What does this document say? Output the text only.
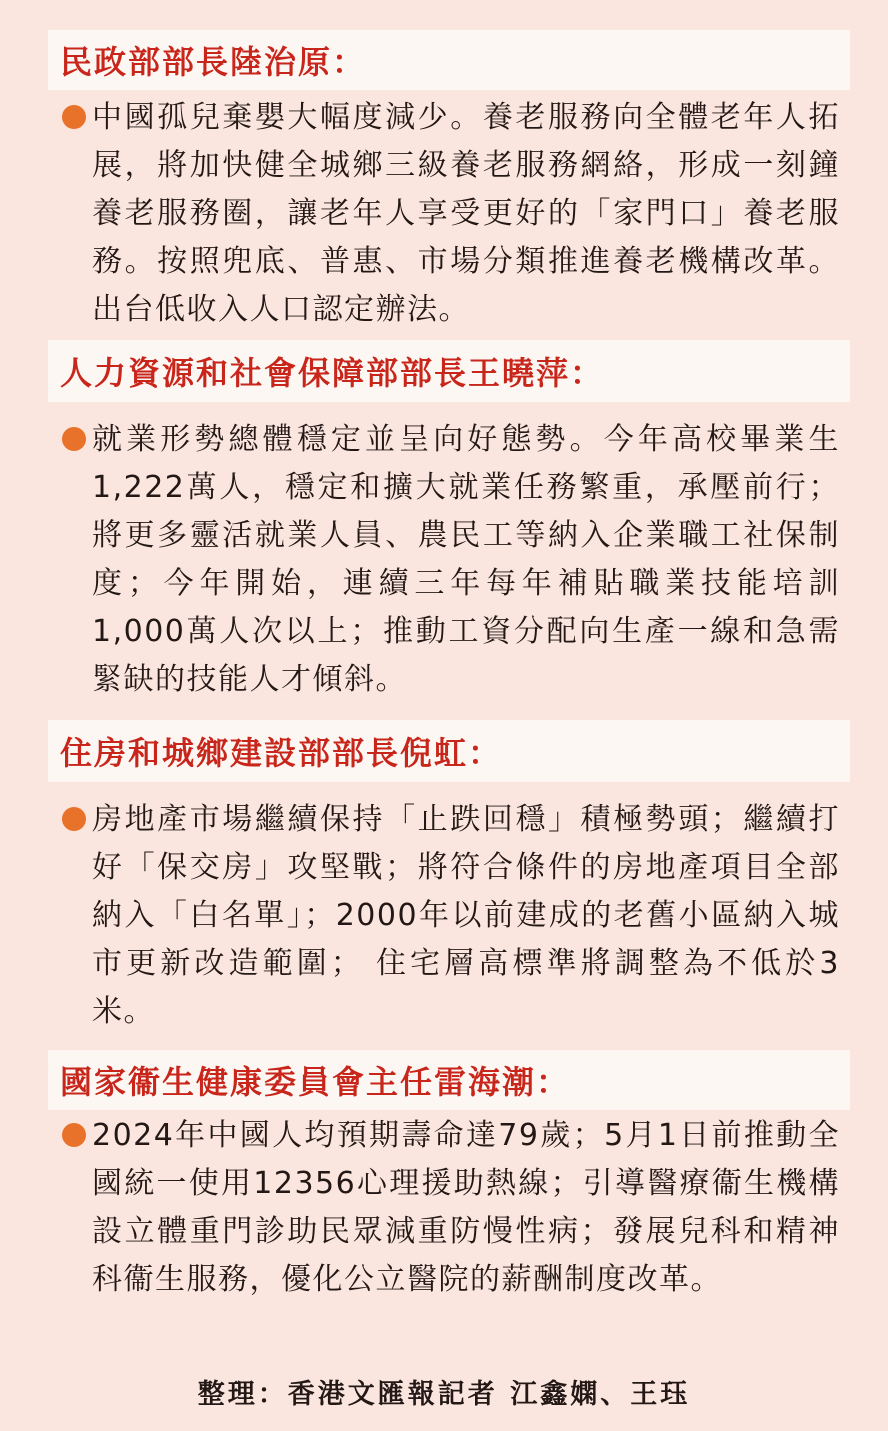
民政部部長陸治原：
中國孤兒棄嬰大幅度減少。養老服務向全體老年人拓展，將加快健全城鄉三級養老服務網絡，形成一刻鐘養老服務圈，讓老年人享受更好的「家門口」養老服務。按照兜底、普惠、市場分類推進養老機構改革。出台低收入人口認定辦法。
人力資源和社會保障部部長王曉萍：
就業形勢總體穩定並呈向好態勢。今年高校畢業生1,222萬人，穩定和擴大就業任務繁重，承壓前行；將更多靈活就業人員、農民工等納入企業職工社保制度；今年開始，連續三年每年補貼職業技能培訓1,000萬人次以上；推動工資分配向生產一線和急需緊缺的技能人才傾斜。
住房和城鄉建設部部長倪虹：
房地產市場繼續保持「止跌回穩」積極勢頭；繼續打好「保交房」攻堅戰；將符合條件的房地產項目全部納入「白名單」；2000年以前建成的老舊小區納入城市更新改造範圍； 住宅層高標準將調整為不低於3米。
國家衞生健康委員會主任雷海潮：
2024年中國人均預期壽命達79歲；5月1日前推動全國統一使用12356心理援助熱線；引導醫療衞生機構設立體重門診助民眾減重防慢性病；發展兒科和精神科衞生服務，優化公立醫院的薪酬制度改革。
整理：香港文匯報記者 江鑫嫻、王珏
